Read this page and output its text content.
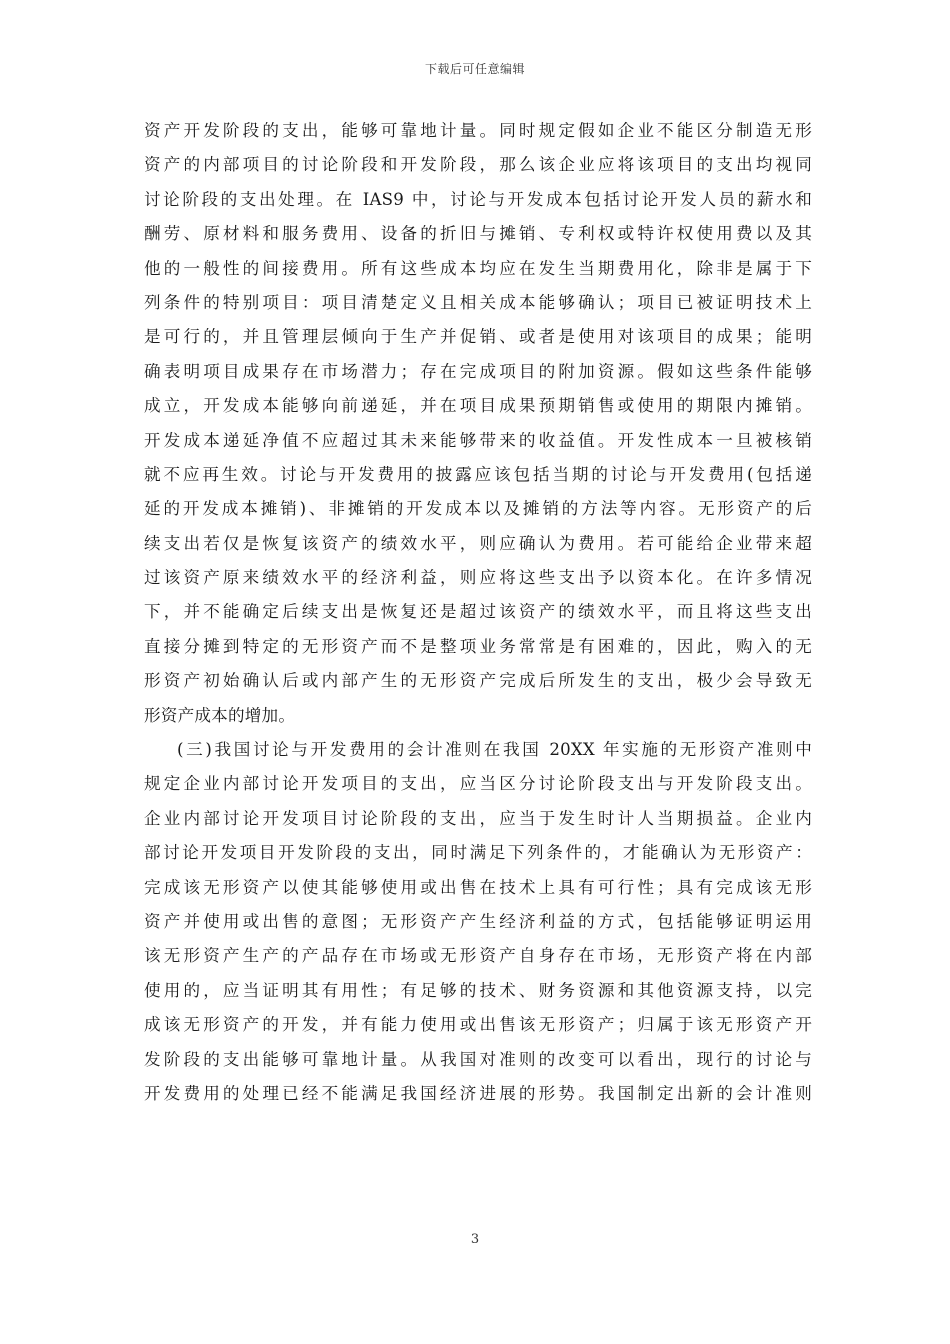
下载后可任意编辑
资产开发阶段的支出，能够可靠地计量。同时规定假如企业不能区分制造无形
资产的内部项目的讨论阶段和开发阶段，那么该企业应将该项目的支出均视同
讨论阶段的支出处理。在 IAS9 中，讨论与开发成本包括讨论开发人员的薪水和
酬劳、原材料和服务费用、设备的折旧与摊销、专利权或特许权使用费以及其
他的一般性的间接费用。所有这些成本均应在发生当期费用化，除非是属于下
列条件的特别项目：项目清楚定义且相关成本能够确认；项目已被证明技术上
是可行的，并且管理层倾向于生产并促销、或者是使用对该项目的成果；能明
确表明项目成果存在市场潜力；存在完成项目的附加资源。假如这些条件能够
成立，开发成本能够向前递延，并在项目成果预期销售或使用的期限内摊销。
开发成本递延净值不应超过其未来能够带来的收益值。开发性成本一旦被核销
就不应再生效。讨论与开发费用的披露应该包括当期的讨论与开发费用(包括递
延的开发成本摊销)、非摊销的开发成本以及摊销的方法等内容。无形资产的后
续支出若仅是恢复该资产的绩效水平，则应确认为费用。若可能给企业带来超
过该资产原来绩效水平的经济利益，则应将这些支出予以资本化。在许多情况
下，并不能确定后续支出是恢复还是超过该资产的绩效水平，而且将这些支出
直接分摊到特定的无形资产而不是整项业务常常是有困难的，因此，购入的无
形资产初始确认后或内部产生的无形资产完成后所发生的支出，极少会导致无
形资产成本的增加。
(三)我国讨论与开发费用的会计准则在我国 20XX 年实施的无形资产准则中
规定企业内部讨论开发项目的支出，应当区分讨论阶段支出与开发阶段支出。
企业内部讨论开发项目讨论阶段的支出，应当于发生时计人当期损益。企业内
部讨论开发项目开发阶段的支出，同时满足下列条件的，才能确认为无形资产：
完成该无形资产以使其能够使用或出售在技术上具有可行性；具有完成该无形
资产并使用或出售的意图；无形资产产生经济利益的方式，包括能够证明运用
该无形资产生产的产品存在市场或无形资产自身存在市场，无形资产将在内部
使用的，应当证明其有用性；有足够的技术、财务资源和其他资源支持，以完
成该无形资产的开发，并有能力使用或出售该无形资产；归属于该无形资产开
发阶段的支出能够可靠地计量。从我国对准则的改变可以看出，现行的讨论与
开发费用的处理已经不能满足我国经济进展的形势。我国制定出新的会计准则
3
